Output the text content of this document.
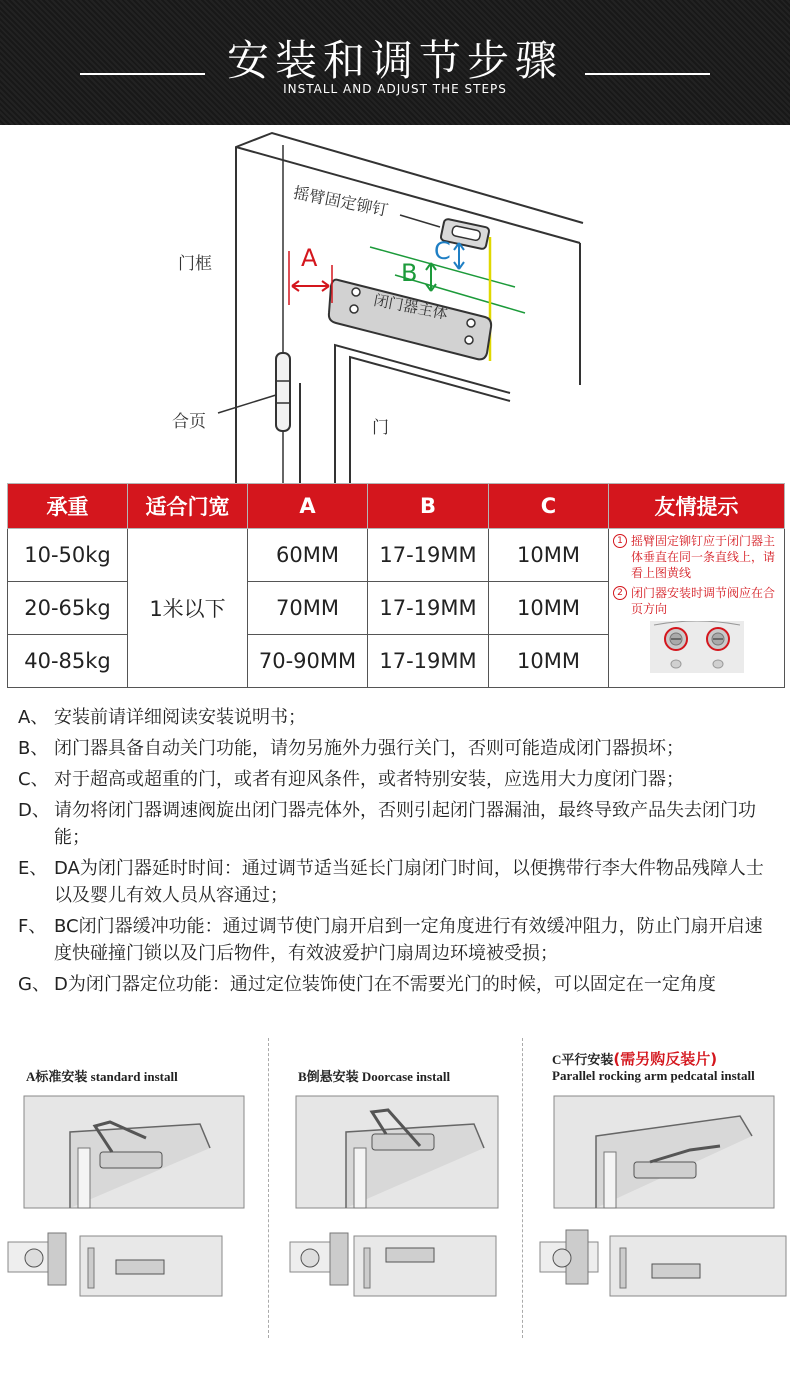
安装和调节步骤
INSTALL AND ADJUST THE STEPS
门框
合页	门
摇臂固定铆钉
闭门器主体
A
B
C
承重	适合门宽	A	B	C	友情提示
10-50kg	1米以下	60MM	17-19MM	10MM	1 摇臂固定铆钉应于闭门器主体垂直在同一条直线上，请看上图黄线
2 闭门器安装时调节阀应在合页方向

20-65kg		70MM	17-19MM	10MM	
40-85kg		70-90MM	17-19MM	10MM	
A、 安装前请详细阅读安装说明书；
B、 闭门器具备自动关门功能，请勿另施外力强行关门，否则可能造成闭门器损坏；
C、 对于超高或超重的门，或者有迎风条件，或者特别安装，应选用大力度闭门器；
D、 请勿将闭门器调速阀旋出闭门器壳体外，否则引起闭门器漏油，最终导致产品失去闭门功能；
E、 DA为闭门器延时时间：通过调节适当延长门扇闭门时间，以便携带行李大件物品残障人士以及婴儿有效人员从容通过；
F、 BC闭门器缓冲功能：通过调节使门扇开启到一定角度进行有效缓冲阻力，防止门扇开启速度快碰撞门锁以及门后物件，有效波爱护门扇周边环境被受损；
G、 D为闭门器定位功能：通过定位装饰使门在不需要光门的时候，可以固定在一定角度
A标准安装 standard install	B倒悬安装 Doorcase install
C平行安装(需另购反装片)
Parallel rocking arm pedcatal install
